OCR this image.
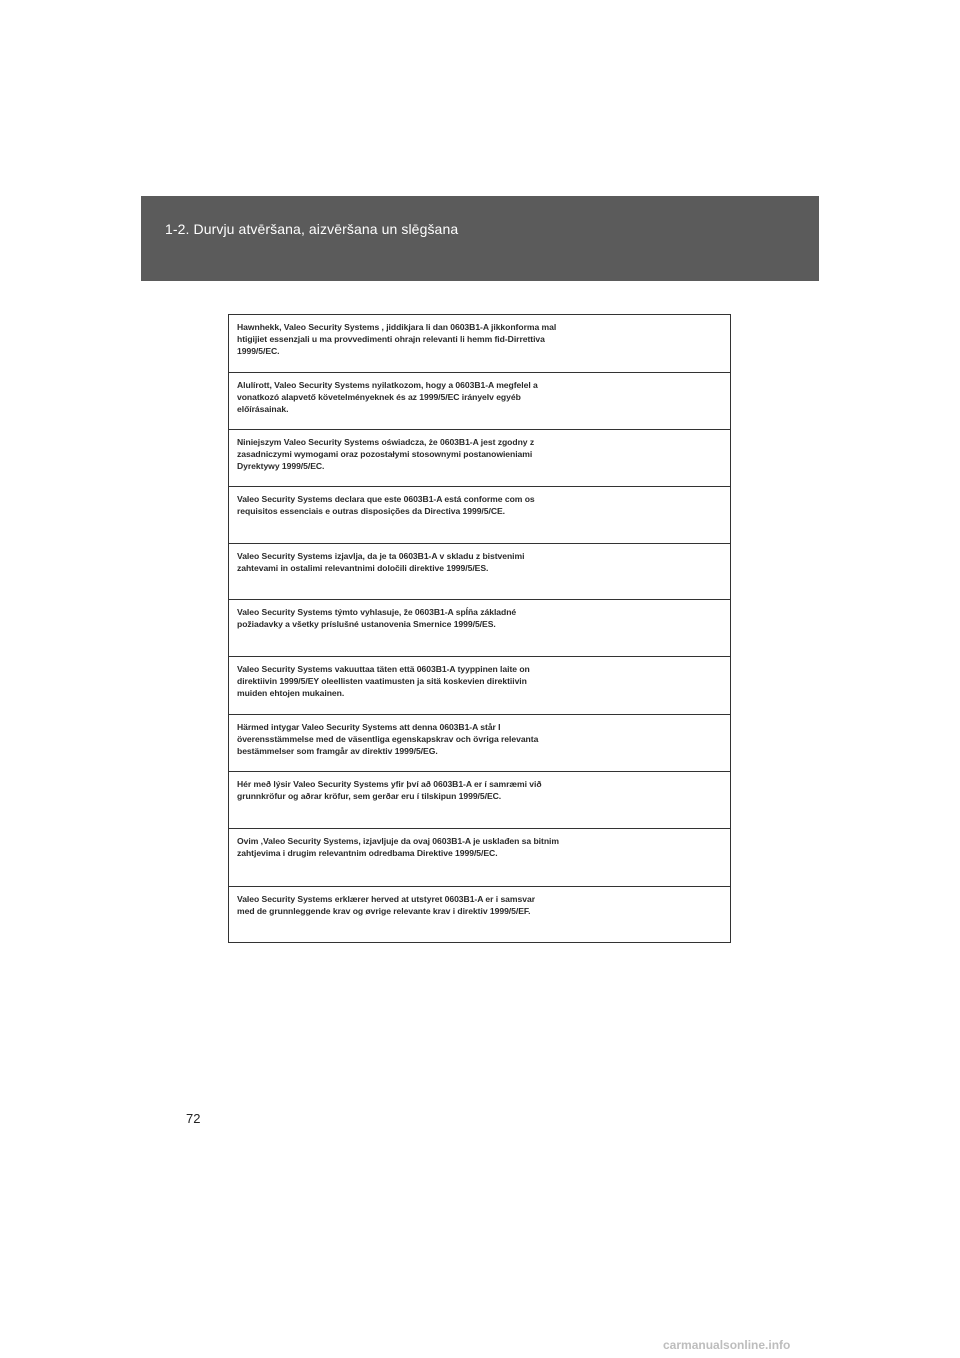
1-2. Durvju atvēršana, aizvēršana un slēgšana

Hawnhekk, Valeo Security Systems , jiddikjara li dan 0603B1-A jikkonforma mal
htigijiet essenzjali u ma provvedimenti ohrajn relevanti li hemm fid-Dirrettiva
1999/5/EC.

Alulírott, Valeo Security Systems nyilatkozom, hogy a 0603B1-A megfelel a
vonatkozó alapvető követelményeknek és az 1999/5/EC irányelv egyéb
előírásainak.

Niniejszym Valeo Security Systems oświadcza, że 0603B1-A jest zgodny z
zasadniczymi wymogami oraz pozostałymi stosownymi postanowieniami
Dyrektywy 1999/5/EC.

Valeo Security Systems declara que este 0603B1-A está conforme com os
requisitos essenciais e outras disposições da Directiva 1999/5/CE.

Valeo Security Systems izjavlja, da je ta 0603B1-A v skladu z bistvenimi
zahtevami in ostalimi relevantnimi določili direktive 1999/5/ES.

Valeo Security Systems týmto vyhlasuje, že 0603B1-A spĺňa základné
požiadavky a všetky príslušné ustanovenia Smernice 1999/5/ES.

Valeo Security Systems vakuuttaa täten että 0603B1-A tyyppinen laite on
direktiivin 1999/5/EY oleellisten vaatimusten ja sitä koskevien direktiivin
muiden ehtojen mukainen.

Härmed intygar Valeo Security Systems att denna 0603B1-A står I
överensstämmelse med de väsentliga egenskapskrav och övriga relevanta
bestämmelser som framgår av direktiv 1999/5/EG.

Hér með lýsir Valeo Security Systems yfir því að 0603B1-A er í samræmi við
grunnkröfur og aðrar kröfur, sem gerðar eru í tilskipun 1999/5/EC.

Ovim ,Valeo Security Systems, izjavljuje da ovaj 0603B1-A je usklađen sa bitnim
zahtjevima i drugim relevantnim odredbama Direktive 1999/5/EC.

Valeo Security Systems erklærer herved at utstyret 0603B1-A er i samsvar
med de grunnleggende krav og øvrige relevante krav i direktiv 1999/5/EF.

72
carmanualsonline.info
